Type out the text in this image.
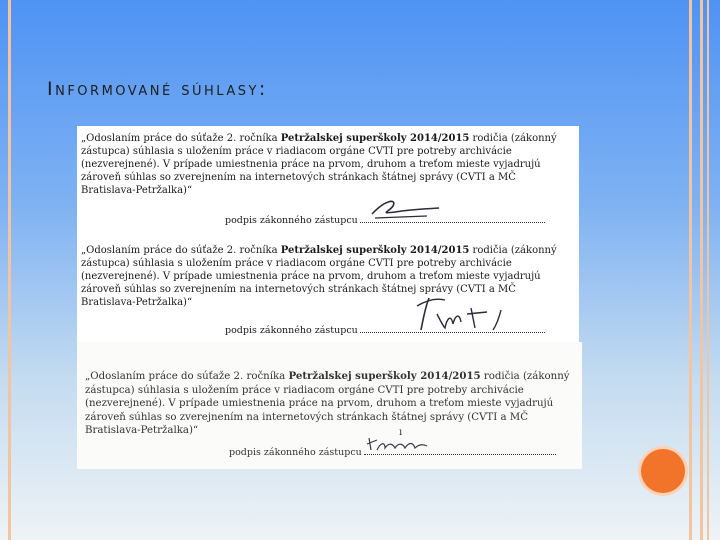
Informované súhlasy:
„Odoslaním práce do súťaže 2. ročníka Petržalskej superškoly 2014/2015 rodičia (zákonný zástupca) súhlasia s uložením práce v riadiacom orgáne CVTI pre potreby archivácie (nezverejnené). V prípade umiestnenia práce na prvom, druhom a treťom mieste vyjadrujú zároveň súhlas so zverejnením na internetových stránkach štátnej správy (CVTI a MČ Bratislava-Petržalka)“
podpis zákonného zástupcu
„Odoslaním práce do súťaže 2. ročníka Petržalskej superškoly 2014/2015 rodičia (zákonný zástupca) súhlasia s uložením práce v riadiacom orgáne CVTI pre potreby archivácie (nezverejnené). V prípade umiestnenia práce na prvom, druhom a treťom mieste vyjadrujú zároveň súhlas so zverejnením na internetových stránkach štátnej správy (CVTI a MČ Bratislava-Petržalka)“
podpis zákonného zástupcu
„Odoslaním práce do súťaže 2. ročníka Petržalskej superškoly 2014/2015 rodičia (zákonný zástupca) súhlasia s uložením práce v riadiacom orgáne CVTI pre potreby archivácie (nezverejnené). V prípade umiestnenia práce na prvom, druhom a treťom mieste vyjadrujú zároveň súhlas so zverejnením na internetových stránkach štátnej správy (CVTI a MČ Bratislava-Petržalka)“	ı
podpis zákonného zástupcu
